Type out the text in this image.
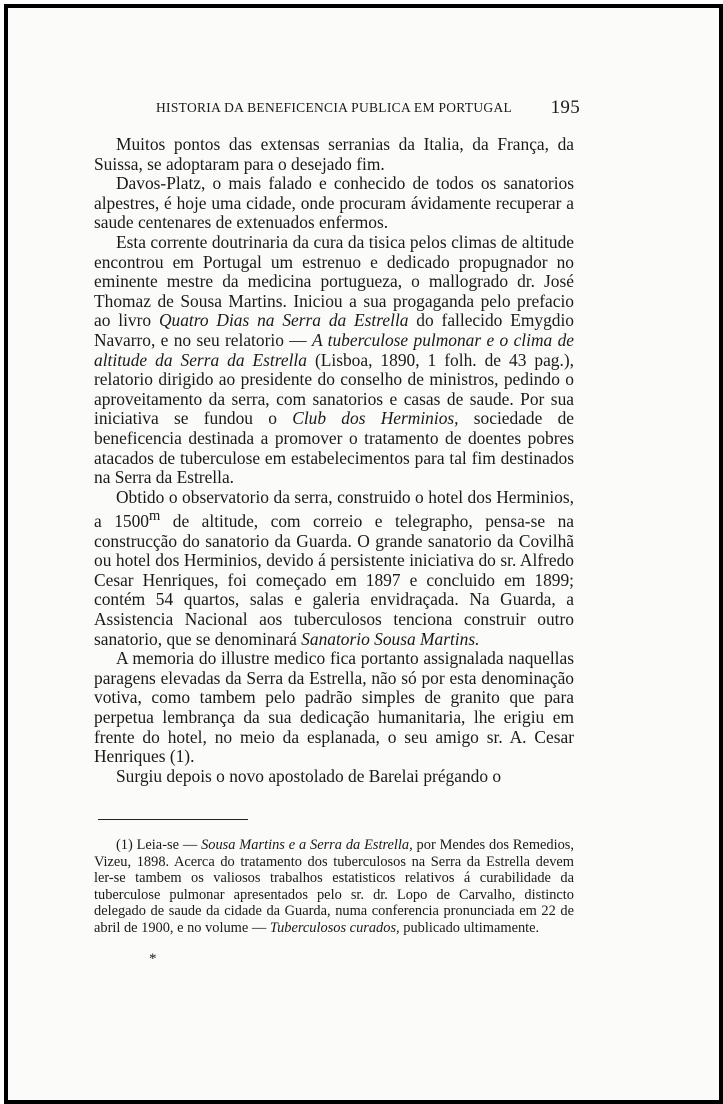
HISTORIA DA BENEFICENCIA PUBLICA EM PORTUGAL 195

Muitos pontos das extensas serranias da Italia, da França, da Suissa, se adoptaram para o desejado fim.

Davos-Platz, o mais falado e conhecido de todos os sanatorios alpestres, é hoje uma cidade, onde procuram ávidamente recuperar a saude centenares de extenuados enfermos.

Esta corrente doutrinaria da cura da tisica pelos climas de altitude encontrou em Portugal um estrenuo e dedicado propugnador no eminente mestre da medicina portugueza, o mallogrado dr. José Thomaz de Sousa Martins. Iniciou a sua progaganda pelo prefacio ao livro Quatro Dias na Serra da Estrella do fallecido Emygdio Navarro, e no seu relatorio — A tuberculose pulmonar e o clima de altitude da Serra da Estrella (Lisboa, 1890, 1 folh. de 43 pag.), relatorio dirigido ao presidente do conselho de ministros, pedindo o aproveitamento da serra, com sanatorios e casas de saude. Por sua iniciativa se fundou o Club dos Herminios, sociedade de beneficencia destinada a promover o tratamento de doentes pobres atacados de tuberculose em estabelecimentos para tal fim destinados na Serra da Estrella.

Obtido o observatorio da serra, construido o hotel dos Herminios, a 1500$^m$ de altitude, com correio e telegrapho, pensa-se na construcção do sanatorio da Guarda. O grande sanatorio da Covilhã ou hotel dos Herminios, devido á persistente iniciativa do sr. Alfredo Cesar Henriques, foi começado em 1897 e concluido em 1899; contém 54 quartos, salas e galeria envidraçada. Na Guarda, a Assistencia Nacional aos tuberculosos tenciona construir outro sanatorio, que se denominará Sanatorio Sousa Martins.

A memoria do illustre medico fica portanto assignalada naquellas paragens elevadas da Serra da Estrella, não só por esta denominação votiva, como tambem pelo padrão simples de granito que para perpetua lembrança da sua dedicação humanitaria, lhe erigiu em frente do hotel, no meio da esplanada, o seu amigo sr. A. Cesar Henriques (1).

Surgiu depois o novo apostolado de Barelai prégando o

(1) Leia-se — Sousa Martins e a Serra da Estrella, por Mendes dos Remedios, Vizeu, 1898. Acerca do tratamento dos tuberculosos na Serra da Estrella devem ler-se tambem os valiosos trabalhos estatisticos relativos á curabilidade da tuberculose pulmonar apresentados pelo sr. dr. Lopo de Carvalho, distincto delegado de saude da cidade da Guarda, numa conferencia pronunciada em 22 de abril de 1900, e no volume — Tuberculosos curados, publicado ultimamente.

*
